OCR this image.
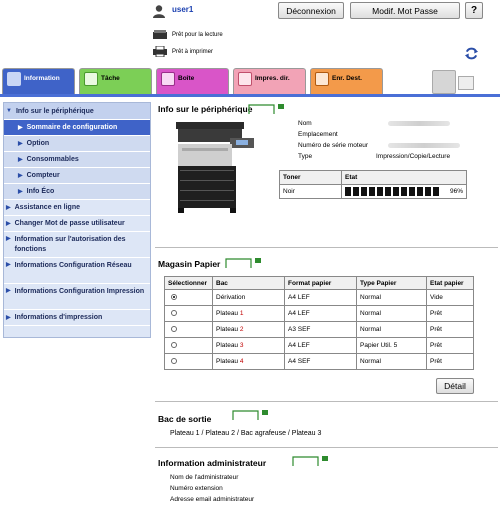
user1	Déconnexion	Modif. Mot Passe	?
Prêt pour la lecture
Prêt à imprimer
Information	Tâche	Boîte	Impres. dir.	Enr. Dest.
▼ Info sur le périphérique
▶ Sommaire de configuration
▶ Option
▶ Consommables
▶ Compteur
▶ Info Éco
▶ Assistance en ligne
▶ Changer Mot de passe utilisateur
▶ Information sur l'autorisation des fonctions
▶ Informations Configuration Réseau
▶ Informations Configuration Impression
▶ Informations d'impression
Info sur le périphérique
Nom
Emplacement
Numéro de série moteur
Type	Impression/Copie/Lecture
Toner	Etat
Noir	96%
Magasin Papier
Sélectionner	Bac	Format papier	Type Papier	Etat papier
	Dérivation	A4 LEF	Normal	Vide
	Plateau 1	A4 LEF	Normal	Prêt
	Plateau 2	A3 SEF	Normal	Prêt
	Plateau 3	A4 LEF	Papier Util. 5	Prêt
	Plateau 4	A4 SEF	Normal	Prêt
Détail
Bac de sortie
Plateau 1 / Plateau 2 / Bac agrafeuse / Plateau 3
Information administrateur
Nom de l'administrateur
Numéro extension
Adresse email administrateur
